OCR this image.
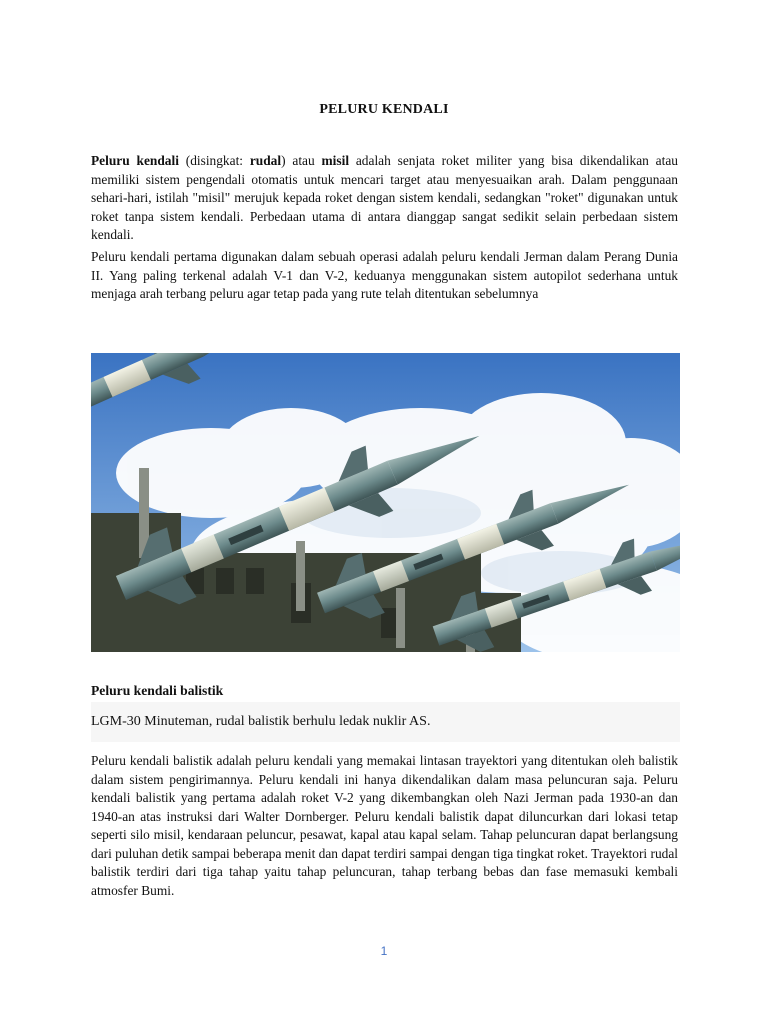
PELURU KENDALI

Peluru kendali (disingkat: rudal) atau misil adalah senjata roket militer yang bisa dikendalikan atau memiliki sistem pengendali otomatis untuk mencari target atau menyesuaikan arah. Dalam penggunaan sehari-hari, istilah "misil" merujuk kepada roket dengan sistem kendali, sedangkan "roket" digunakan untuk roket tanpa sistem kendali. Perbedaan utama di antara dianggap sangat sedikit selain perbedaan sistem kendali.

Peluru kendali pertama digunakan dalam sebuah operasi adalah peluru kendali Jerman dalam Perang Dunia II. Yang paling terkenal adalah V-1 dan V-2, keduanya menggunakan sistem autopilot sederhana untuk menjaga arah terbang peluru agar tetap pada yang rute telah ditentukan sebelumnya

Peluru kendali balistik
LGM-30 Minuteman, rudal balistik berhulu ledak nuklir AS.

Peluru kendali balistik adalah peluru kendali yang memakai lintasan trayektori yang ditentukan oleh balistik dalam sistem pengirimannya. Peluru kendali ini hanya dikendalikan dalam masa peluncuran saja. Peluru kendali balistik yang pertama adalah roket V-2 yang dikembangkan oleh Nazi Jerman pada 1930-an dan 1940-an atas instruksi dari Walter Dornberger. Peluru kendali balistik dapat diluncurkan dari lokasi tetap seperti silo misil, kendaraan peluncur, pesawat, kapal atau kapal selam. Tahap peluncuran dapat berlangsung dari puluhan detik sampai beberapa menit dan dapat terdiri sampai dengan tiga tingkat roket. Trayektori rudal balistik terdiri dari tiga tahap yaitu tahap peluncuran, tahap terbang bebas dan fase memasuki kembali atmosfer Bumi.

1
